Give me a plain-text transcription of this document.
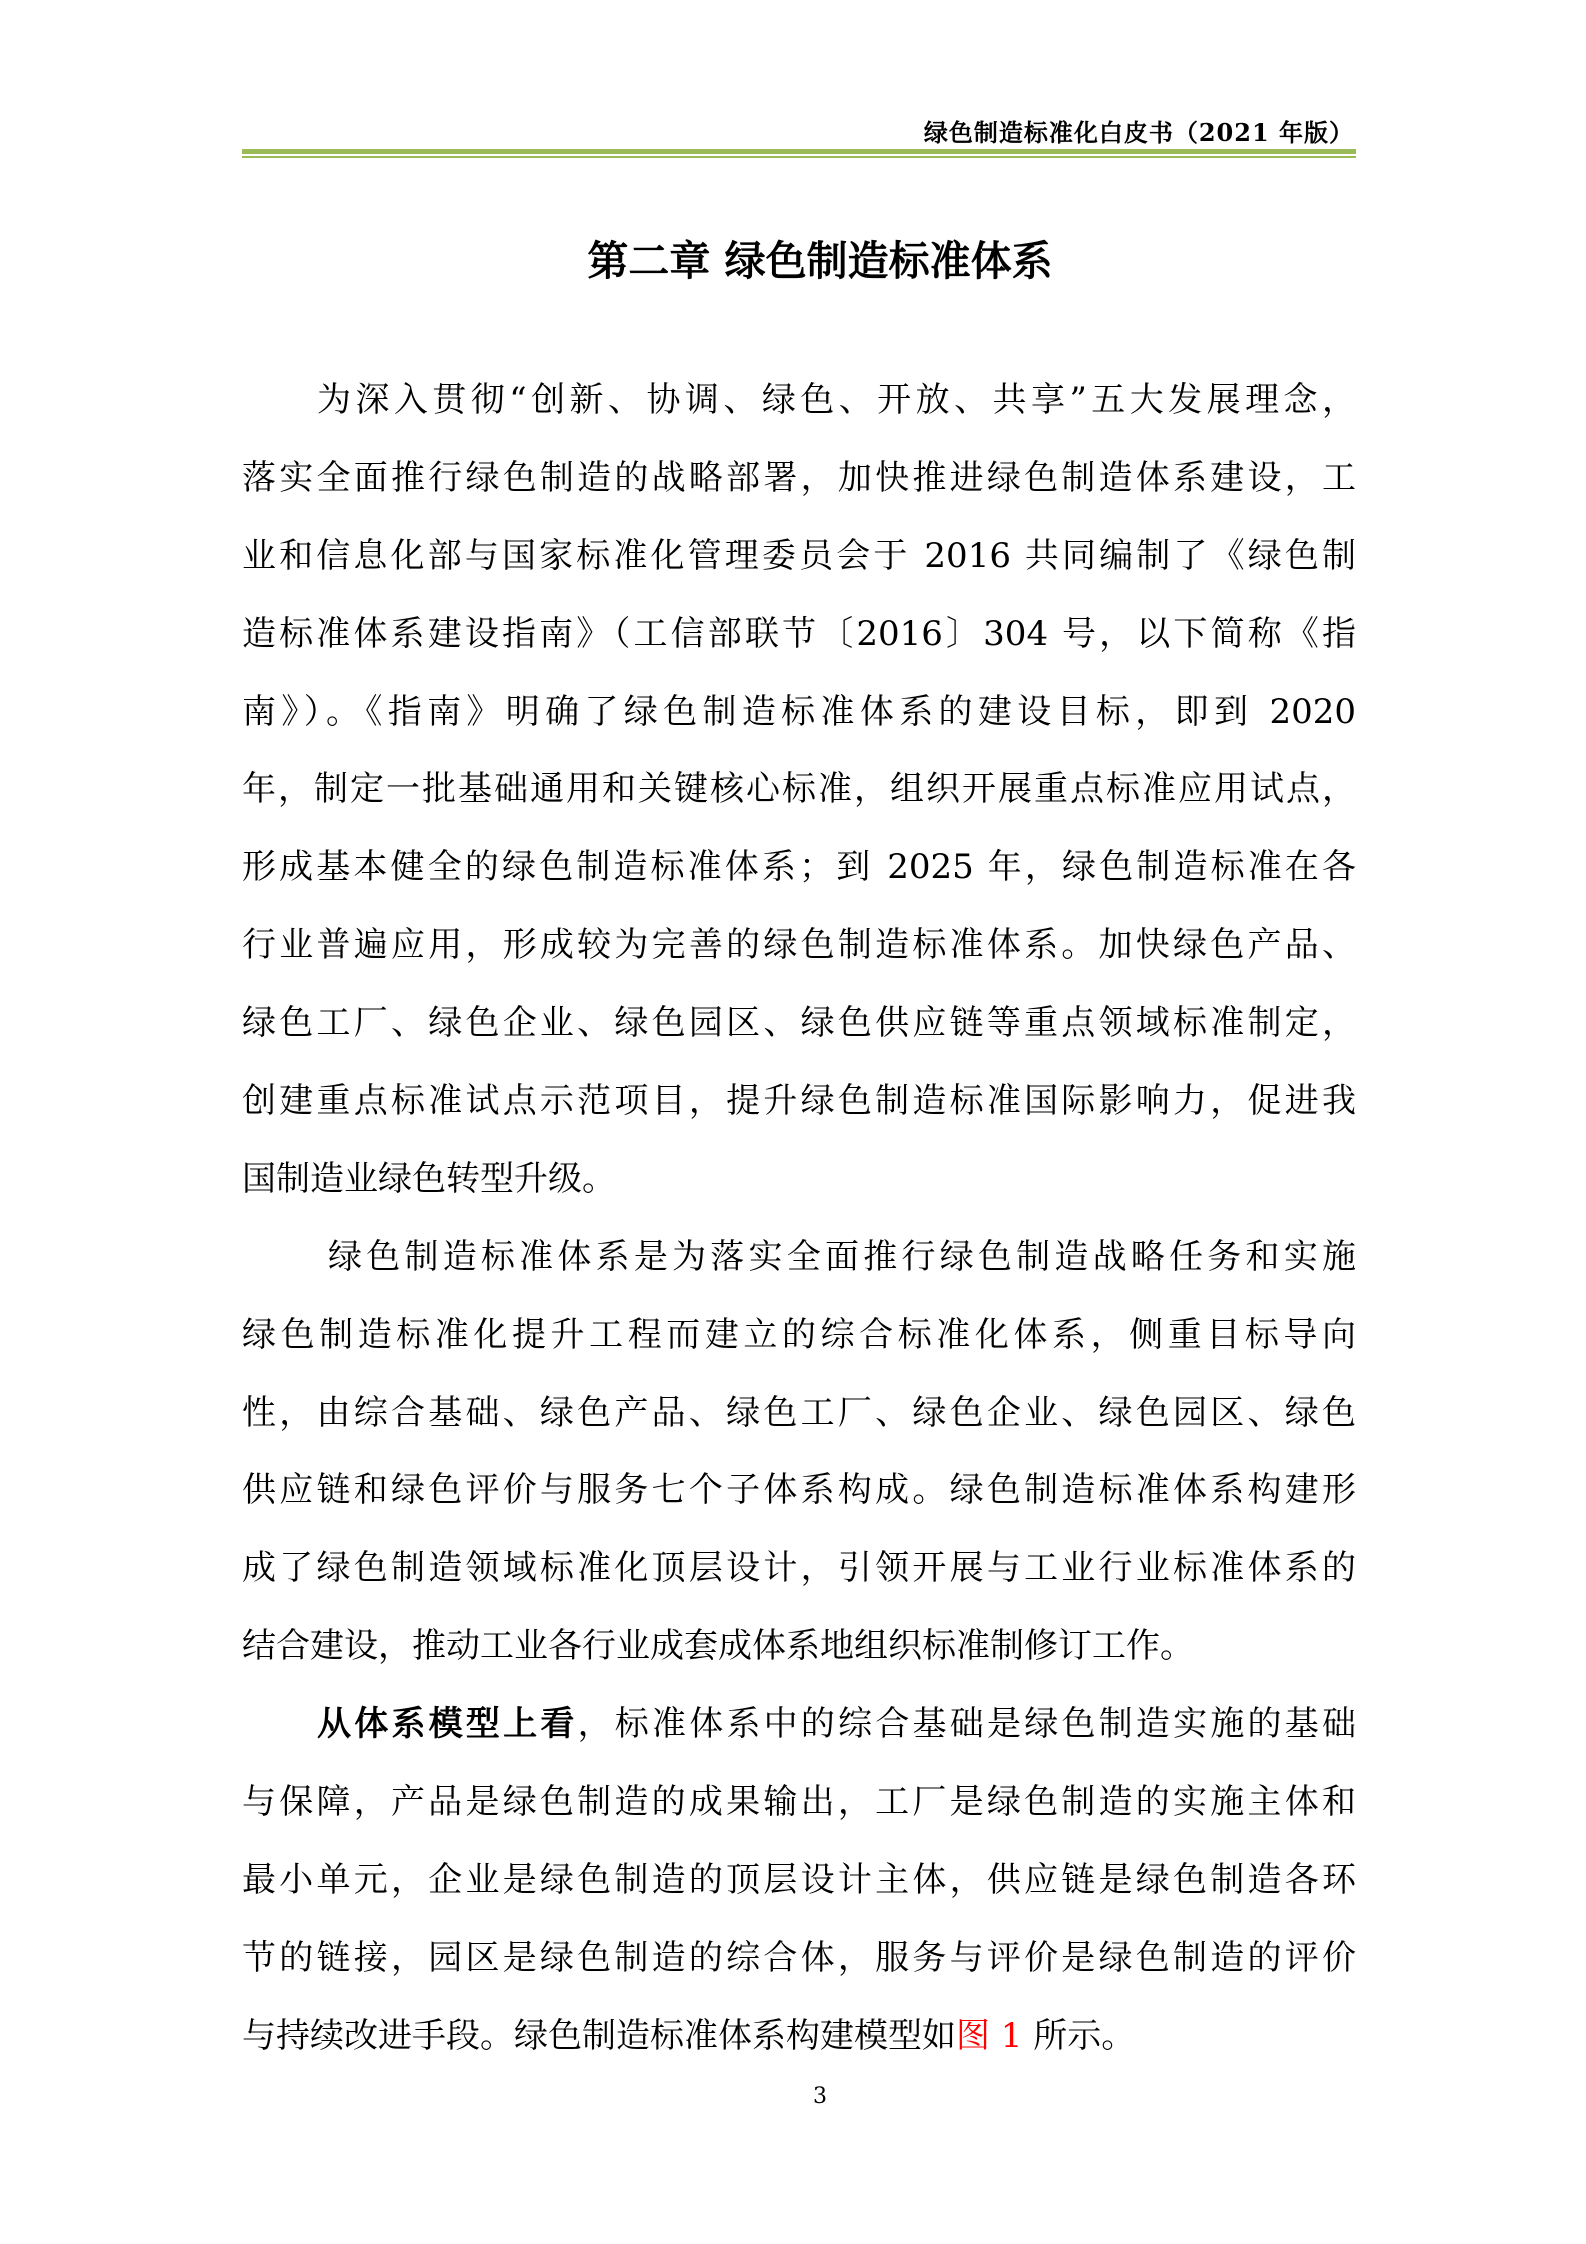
绿色制造标准化白皮书（2021 年版）
第二章 绿色制造标准体系
为深入贯彻“创新、协调、绿色、开放、共享”五大发展理念，
落实全面推行绿色制造的战略部署，加快推进绿色制造体系建设，工
业和信息化部与国家标准化管理委员会于 2016 共同编制了《绿色制
造标准体系建设指南》（工信部联节〔2016〕304 号，以下简称《指
南》）。《指南》明确了绿色制造标准体系的建设目标，即到 2020
年，制定一批基础通用和关键核心标准，组织开展重点标准应用试点，
形成基本健全的绿色制造标准体系；到 2025 年，绿色制造标准在各
行业普遍应用，形成较为完善的绿色制造标准体系。加快绿色产品、
绿色工厂、绿色企业、绿色园区、绿色供应链等重点领域标准制定，
创建重点标准试点示范项目，提升绿色制造标准国际影响力，促进我
国制造业绿色转型升级。
绿色制造标准体系是为落实全面推行绿色制造战略任务和实施
绿色制造标准化提升工程而建立的综合标准化体系，侧重目标导向
性，由综合基础、绿色产品、绿色工厂、绿色企业、绿色园区、绿色
供应链和绿色评价与服务七个子体系构成。绿色制造标准体系构建形
成了绿色制造领域标准化顶层设计，引领开展与工业行业标准体系的
结合建设，推动工业各行业成套成体系地组织标准制修订工作。
从体系模型上看，标准体系中的综合基础是绿色制造实施的基础
与保障，产品是绿色制造的成果输出，工厂是绿色制造的实施主体和
最小单元，企业是绿色制造的顶层设计主体，供应链是绿色制造各环
节的链接，园区是绿色制造的综合体，服务与评价是绿色制造的评价
与持续改进手段。绿色制造标准体系构建模型如图 1 所示。
3
